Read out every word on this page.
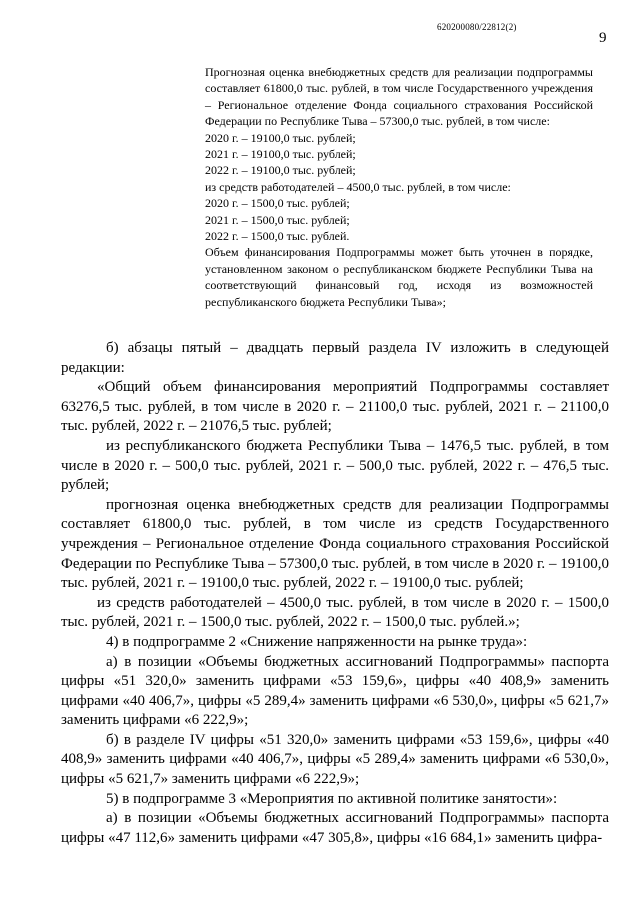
620200080/22812(2)
9

Прогнозная оценка внебюджетных средств для реализации подпрограммы составляет 61800,0 тыс. рублей, в том числе Государственного учреждения – Региональное отделение Фонда социального страхования Российской Федерации по Республике Тыва – 57300,0 тыс. рублей, в том числе:

2020 г. – 19100,0 тыс. рублей;

2021 г. – 19100,0 тыс. рублей;

2022 г. – 19100,0 тыс. рублей;

из средств работодателей – 4500,0 тыс. рублей, в том числе:

2020 г. – 1500,0 тыс. рублей;

2021 г. – 1500,0 тыс. рублей;

2022 г. – 1500,0 тыс. рублей.

Объем финансирования Подпрограммы может быть уточнен в порядке, установленном законом о республиканском бюджете Республики Тыва на соответствующий финансовый год, исходя из возможностей республиканского бюджета Республики Тыва»;

б) абзацы пятый – двадцать первый раздела IV изложить в следующей редакции:

«Общий объем финансирования мероприятий Подпрограммы составляет 63276,5 тыс. рублей, в том числе в 2020 г. – 21100,0 тыс. рублей, 2021 г. – 21100,0 тыс. рублей, 2022 г. – 21076,5 тыс. рублей;

из республиканского бюджета Республики Тыва – 1476,5 тыс. рублей, в том числе в 2020 г. – 500,0 тыс. рублей, 2021 г. – 500,0 тыс. рублей, 2022 г. – 476,5 тыс. рублей;

прогнозная оценка внебюджетных средств для реализации Подпрограммы составляет 61800,0 тыс. рублей, в том числе из средств Государственного учреждения – Региональное отделение Фонда социального страхования Российской Федерации по Республике Тыва – 57300,0 тыс. рублей, в том числе в 2020 г. – 19100,0 тыс. рублей, 2021 г. – 19100,0 тыс. рублей, 2022 г. – 19100,0 тыс. рублей;

из средств работодателей – 4500,0 тыс. рублей, в том числе в 2020 г. – 1500,0 тыс. рублей, 2021 г. – 1500,0 тыс. рублей, 2022 г. – 1500,0 тыс. рублей.»;

4) в подпрограмме 2 «Снижение напряженности на рынке труда»:

а) в позиции «Объемы бюджетных ассигнований Подпрограммы» паспорта цифры «51 320,0» заменить цифрами «53 159,6», цифры «40 408,9» заменить цифрами «40 406,7», цифры «5 289,4» заменить цифрами «6 530,0», цифры «5 621,7» заменить цифрами «6 222,9»;

б) в разделе IV цифры «51 320,0» заменить цифрами «53 159,6», цифры «40 408,9» заменить цифрами «40 406,7», цифры «5 289,4» заменить цифрами «6 530,0», цифры «5 621,7» заменить цифрами «6 222,9»;

5) в подпрограмме 3 «Мероприятия по активной политике занятости»:

а) в позиции «Объемы бюджетных ассигнований Подпрограммы» паспорта цифры «47 112,6» заменить цифрами «47 305,8», цифры «16 684,1» заменить цифра-
